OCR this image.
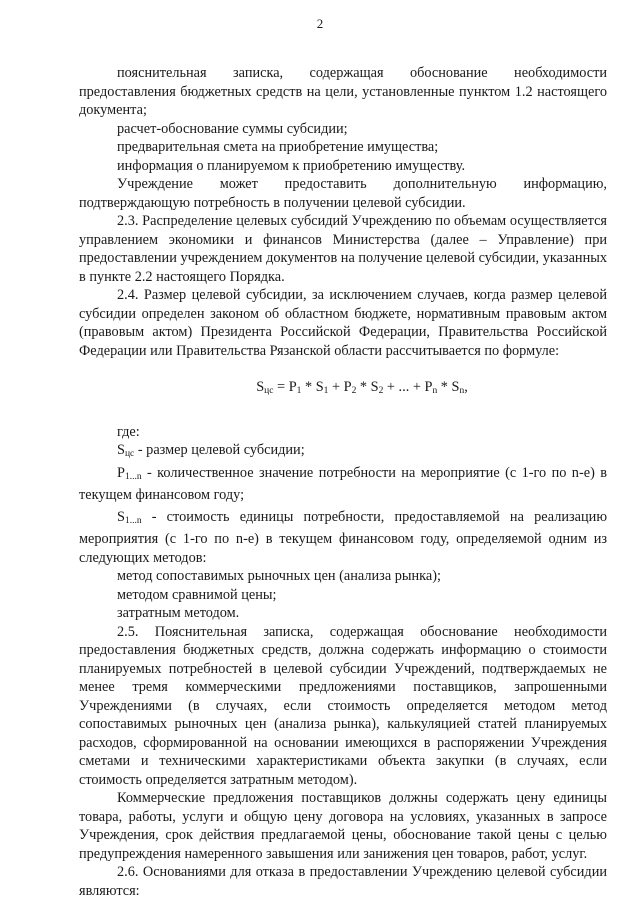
2

пояснительная записка, содержащая обоснование необходимости предоставления бюджетных средств на цели, установленные пунктом 1.2 настоящего документа;

расчет-обоснование суммы субсидии;

предварительная смета на приобретение имущества;

информация о планируемом к приобретению имуществу.

Учреждение может предоставить дополнительную информацию, подтверждающую потребность в получении целевой субсидии.

2.3. Распределение целевых субсидий Учреждению по объемам осуществляется управлением экономики и финансов Министерства (далее – Управление) при предоставлении учреждением документов на получение целевой субсидии, указанных в пункте 2.2 настоящего Порядка.

2.4. Размер целевой субсидии, за исключением случаев, когда размер целевой субсидии определен законом об областном бюджете, нормативным правовым актом (правовым актом) Президента Российской Федерации, Правительства Российской Федерации или Правительства Рязанской области рассчитывается по формуле:

$S_{цс} = P_1 * S_1 + P_2 * S_2$ + ... + $P_n * S_n$,

где:

$S_{цс}$ - размер целевой субсидии;

$P_{1...n}$ - количественное значение потребности на мероприятие (с 1-го по n-е) в текущем финансовом году;

$S_{1...n}$ - стоимость единицы потребности, предоставляемой на реализацию мероприятия (с 1-го по n-е) в текущем финансовом году, определяемой одним из следующих методов:

метод сопоставимых рыночных цен (анализа рынка);

методом сравнимой цены;

затратным методом.

2.5. Пояснительная записка, содержащая обоснование необходимости предоставления бюджетных средств, должна содержать информацию о стоимости планируемых потребностей в целевой субсидии Учреждений, подтверждаемых не менее тремя коммерческими предложениями поставщиков, запрошенными Учреждениями (в случаях, если стоимость определяется методом метод сопоставимых рыночных цен (анализа рынка), калькуляцией статей планируемых расходов, сформированной на основании имеющихся в распоряжении Учреждения сметами и техническими характеристиками объекта закупки (в случаях, если стоимость определяется затратным методом).

Коммерческие предложения поставщиков должны содержать цену единицы товара, работы, услуги и общую цену договора на условиях, указанных в запросе Учреждения, срок действия предлагаемой цены, обоснование такой цены с целью предупреждения намеренного завышения или занижения цен товаров, работ, услуг.

2.6. Основаниями для отказа в предоставлении Учреждению целевой субсидии являются:
